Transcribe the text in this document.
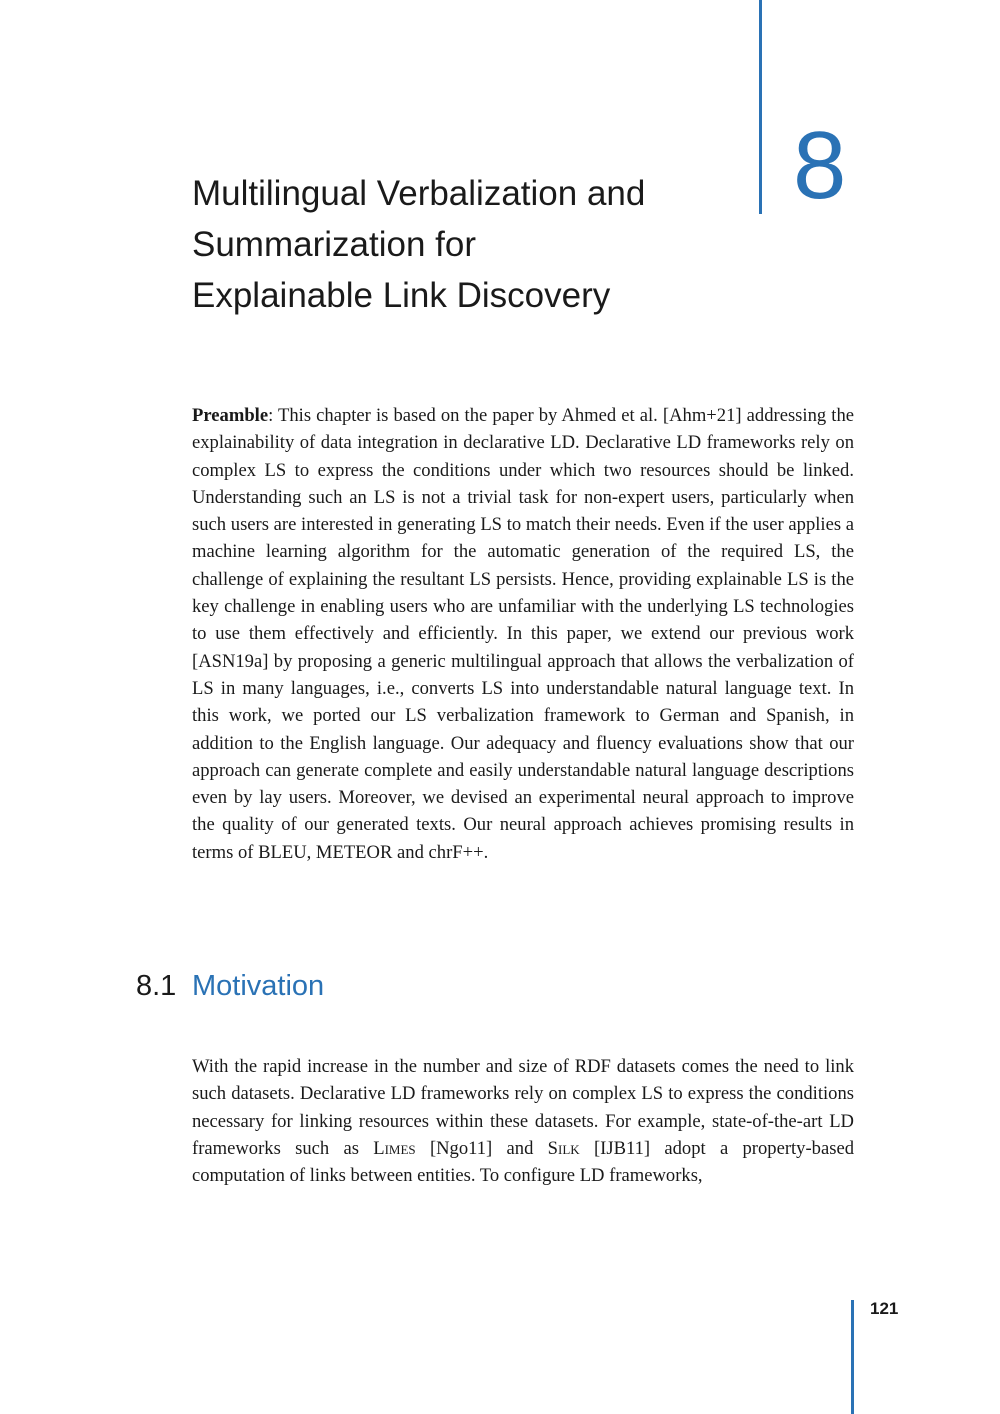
8
Multilingual Verbalization and
Summarization for
Explainable Link Discovery

Preamble: This chapter is based on the paper by Ahmed et al. [Ahm+21] addressing the explainability of data integration in declarative LD. Declarative LD frameworks rely on complex LS to express the conditions under which two resources should be linked. Understanding such an LS is not a trivial task for non-expert users, particularly when such users are interested in generating LS to match their needs. Even if the user applies a machine learning algorithm for the automatic generation of the required LS, the challenge of explaining the resultant LS persists. Hence, providing explainable LS is the key challenge in enabling users who are unfamiliar with the underlying LS technologies to use them effectively and efficiently. In this paper, we extend our previous work [ASN19a] by proposing a generic multilingual approach that allows the verbalization of LS in many languages, i.e., converts LS into understandable natural language text. In this work, we ported our LS verbalization framework to German and Spanish, in addition to the English language. Our adequacy and fluency evaluations show that our approach can generate complete and easily understandable natural language descriptions even by lay users. Moreover, we devised an experimental neural approach to improve the quality of our generated texts. Our neural approach achieves promising results in terms of BLEU, METEOR and chrF++.

8.1 Motivation

With the rapid increase in the number and size of RDF datasets comes the need to link such datasets. Declarative LD frameworks rely on complex LS to express the conditions necessary for linking resources within these datasets. For example, state-of-the-art LD frameworks such as Limes [Ngo11] and Silk [IJB11] adopt a property-based computation of links between entities. To configure LD frameworks,

121
